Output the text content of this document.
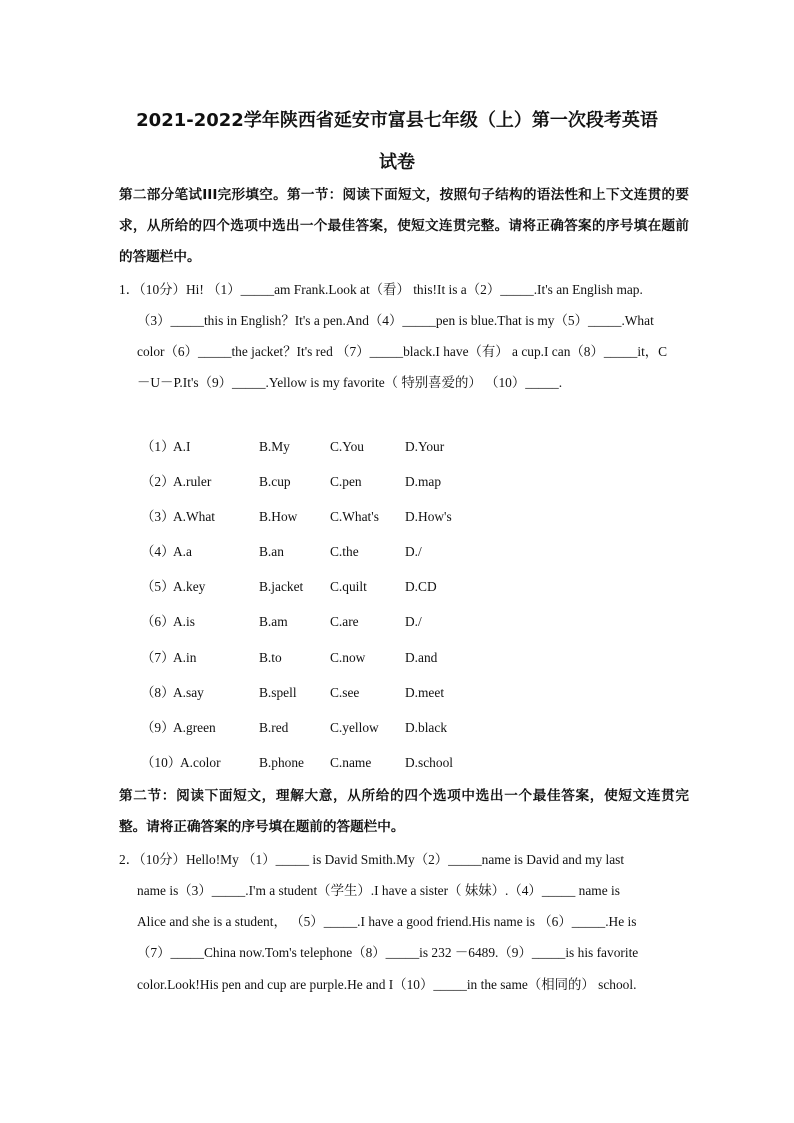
2021-2022学年陕西省延安市富县七年级（上）第一次段考英语
试卷
第二部分笔试III完形填空。第一节：阅读下面短文，按照句子结构的语法性和上下文连贯的要求，从所给的四个选项中选出一个最佳答案，使短文连贯完整。请将正确答案的序号填在题前的答题栏中。
1．（10分）Hi! （1）_____am Frank.Look at（看） this!It is a（2）_____.It's an English map.
（3）_____this in English？It's a pen.And（4）_____pen is blue.That is my（5）_____.What
color（6）_____the jacket？It's red （7）_____black.I have（有） a cup.I can（8）_____it，C
－U－P.It's（9）_____.Yellow is my favorite（ 特别喜爱的） （10）_____.
（1）
A.I	B.My	C.You	D.Your
（2）
A.ruler	B.cup	C.pen	D.map
（3）
A.What	B.How C.What's D.How's
（4）
A.a	B.an	C.the	D./
（5）
A.key	B.jacket C.quilt	D.CD
（6）
A.is	B.am	C.are	D./
（7）
A.in	B.to	C.now	D.and
（8）
A.say	B.spell C.see	D.meet
（9）
A.green	B.red	C.yellow D.black
（10）
A.color	B.phone C.name	D.school
第二节：阅读下面短文，理解大意，从所给的四个选项中选出一个最佳答案，使短文连贯完整。请将正确答案的序号填在题前的答题栏中。
2．（10分）Hello!My （1）_____ is David Smith.My（2）_____name is David and my last
name is（3）_____.I'm a student（学生）.I have a sister（ 妹妹）.（4）_____ name is
Alice and she is a student， （5）_____.I have a good friend.His name is （6）_____.He is
（7）_____China now.Tom's telephone（8）_____is 232 －6489.（9）_____is his favorite
color.Look!His pen and cup are purple.He and I（10）_____in the same（相同的） school.
